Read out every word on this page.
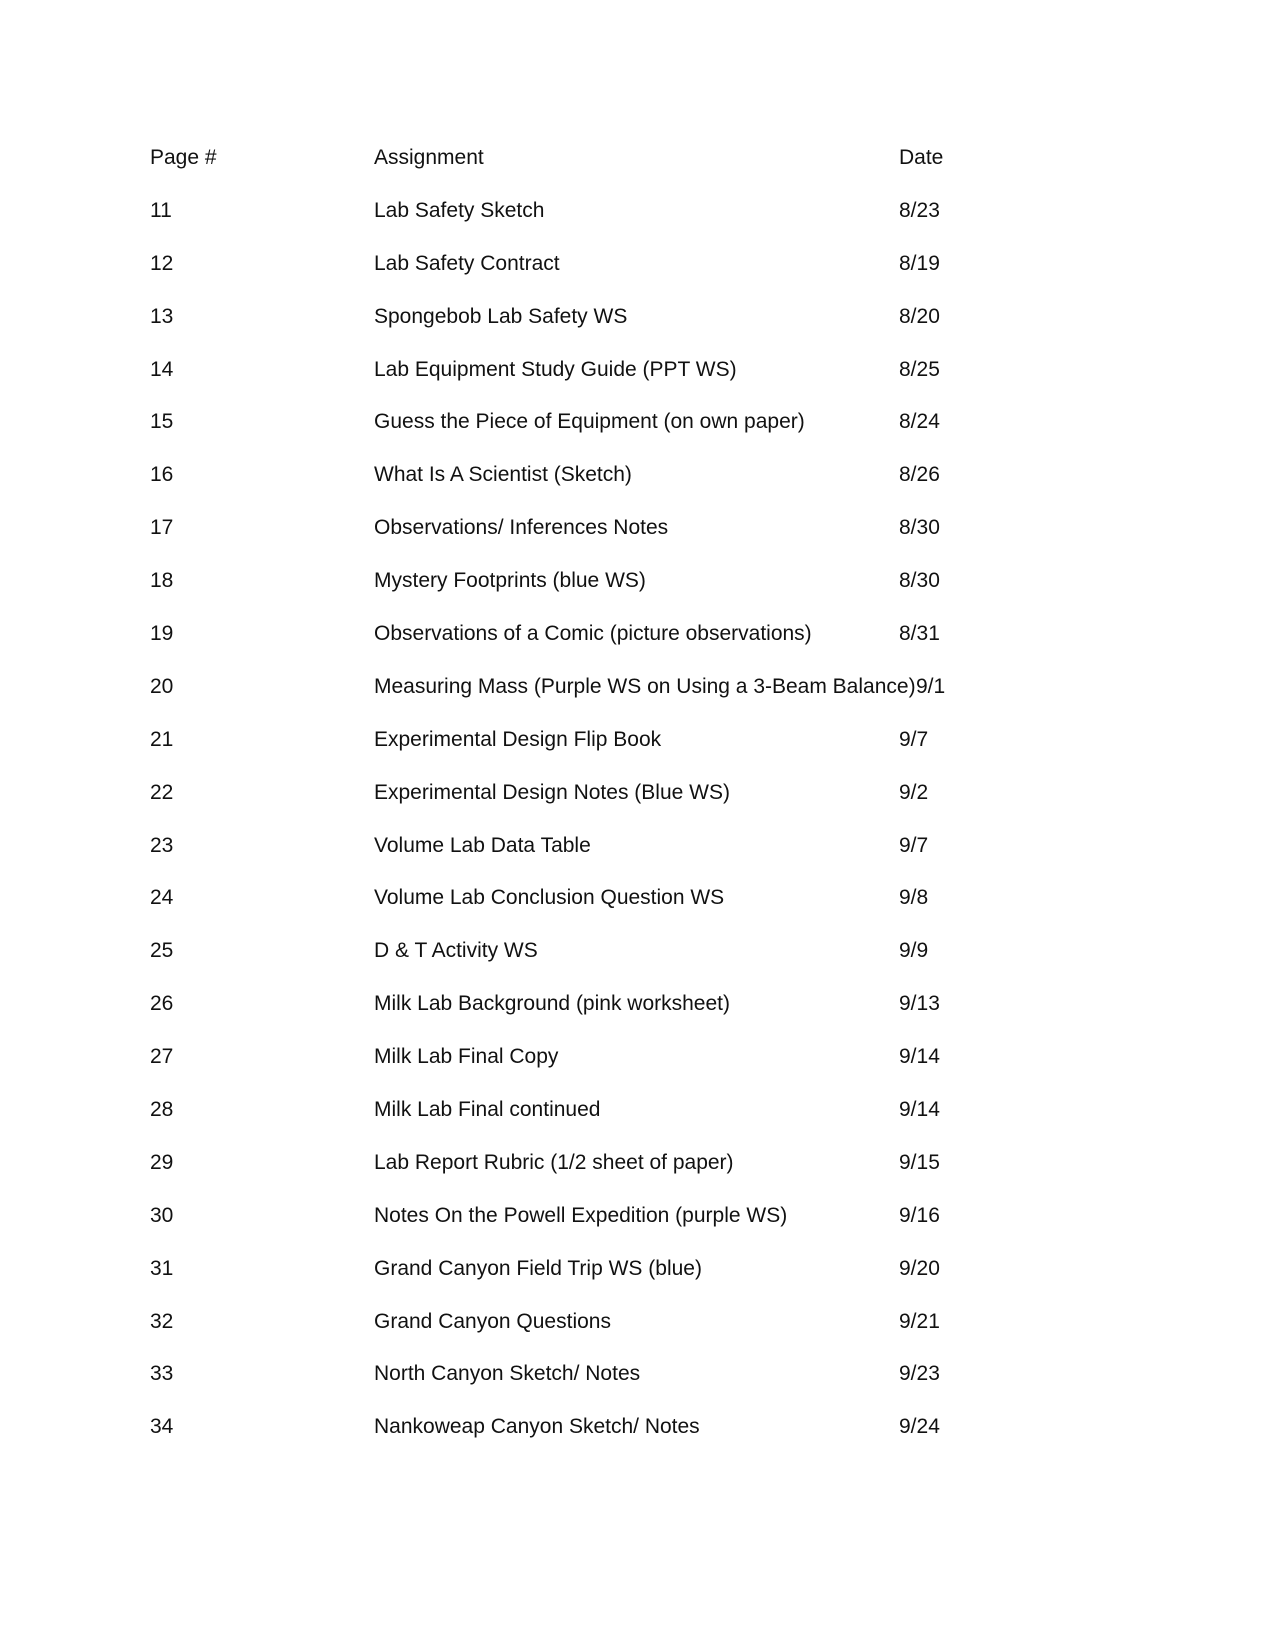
Page #	Assignment	Date
11	Lab Safety Sketch	8/23
12	Lab Safety Contract	8/19
13	Spongebob Lab Safety WS	8/20
14	Lab Equipment Study Guide (PPT WS)	8/25
15	Guess the Piece of Equipment (on own paper)	8/24
16	What Is A Scientist (Sketch)	8/26
17	Observations/ Inferences Notes	8/30
18	Mystery Footprints (blue WS)	8/30
19	Observations of a Comic (picture observations)	8/31
20	Measuring Mass (Purple WS on Using a 3-Beam Balance) 9/1
21	Experimental Design Flip Book	9/7
22	Experimental Design Notes (Blue WS)	9/2
23	Volume Lab Data Table	9/7
24	Volume Lab Conclusion Question WS	9/8
25	D & T Activity WS	9/9
26	Milk Lab Background (pink worksheet)	9/13
27	Milk Lab Final Copy	9/14
28	Milk Lab Final continued	9/14
29	Lab Report Rubric (1/2 sheet of paper)	9/15
30	Notes On the Powell Expedition (purple WS)	9/16
31	Grand Canyon Field Trip WS (blue)	9/20
32	Grand Canyon Questions	9/21
33	North Canyon Sketch/ Notes	9/23
34	Nankoweap Canyon Sketch/ Notes	9/24
